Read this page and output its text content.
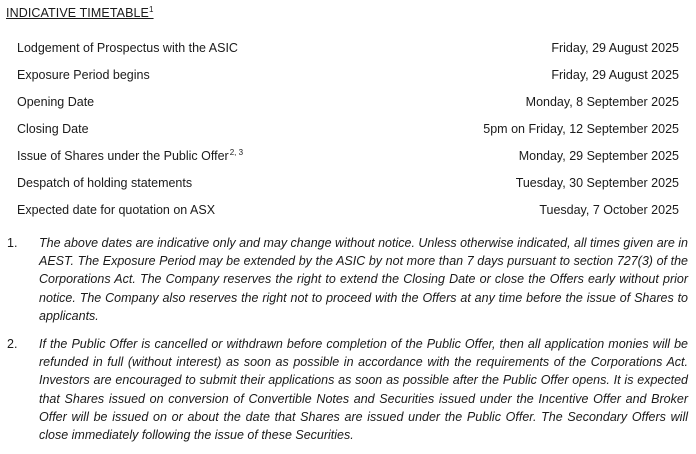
INDICATIVE TIMETABLE$^1$
Lodgement of Prospectus with the ASIC	Friday, 29 August 2025
Exposure Period begins	Friday, 29 August 2025
Opening Date	Monday, 8 September 2025
Closing Date	5pm on Friday, 12 September 2025
Issue of Shares under the Public Offer$^{2, 3}$	Monday, 29 September 2025
Despatch of holding statements	Tuesday, 30 September 2025
Expected date for quotation on ASX	Tuesday, 7 October 2025
1.	The above dates are indicative only and may change without notice. Unless otherwise indicated, all times given are in AEST. The Exposure Period may be extended by the ASIC by not more than 7 days pursuant to section 727(3) of the Corporations Act. The Company reserves the right to extend the Closing Date or close the Offers early without prior notice. The Company also reserves the right not to proceed with the Offers at any time before the issue of Shares to applicants.
2.	If the Public Offer is cancelled or withdrawn before completion of the Public Offer, then all application monies will be refunded in full (without interest) as soon as possible in accordance with the requirements of the Corporations Act. Investors are encouraged to submit their applications as soon as possible after the Public Offer opens. It is expected that Shares issued on conversion of Convertible Notes and Securities issued under the Incentive Offer and Broker Offer will be issued on or about the date that Shares are issued under the Public Offer. The Secondary Offers will close immediately following the issue of these Securities.
